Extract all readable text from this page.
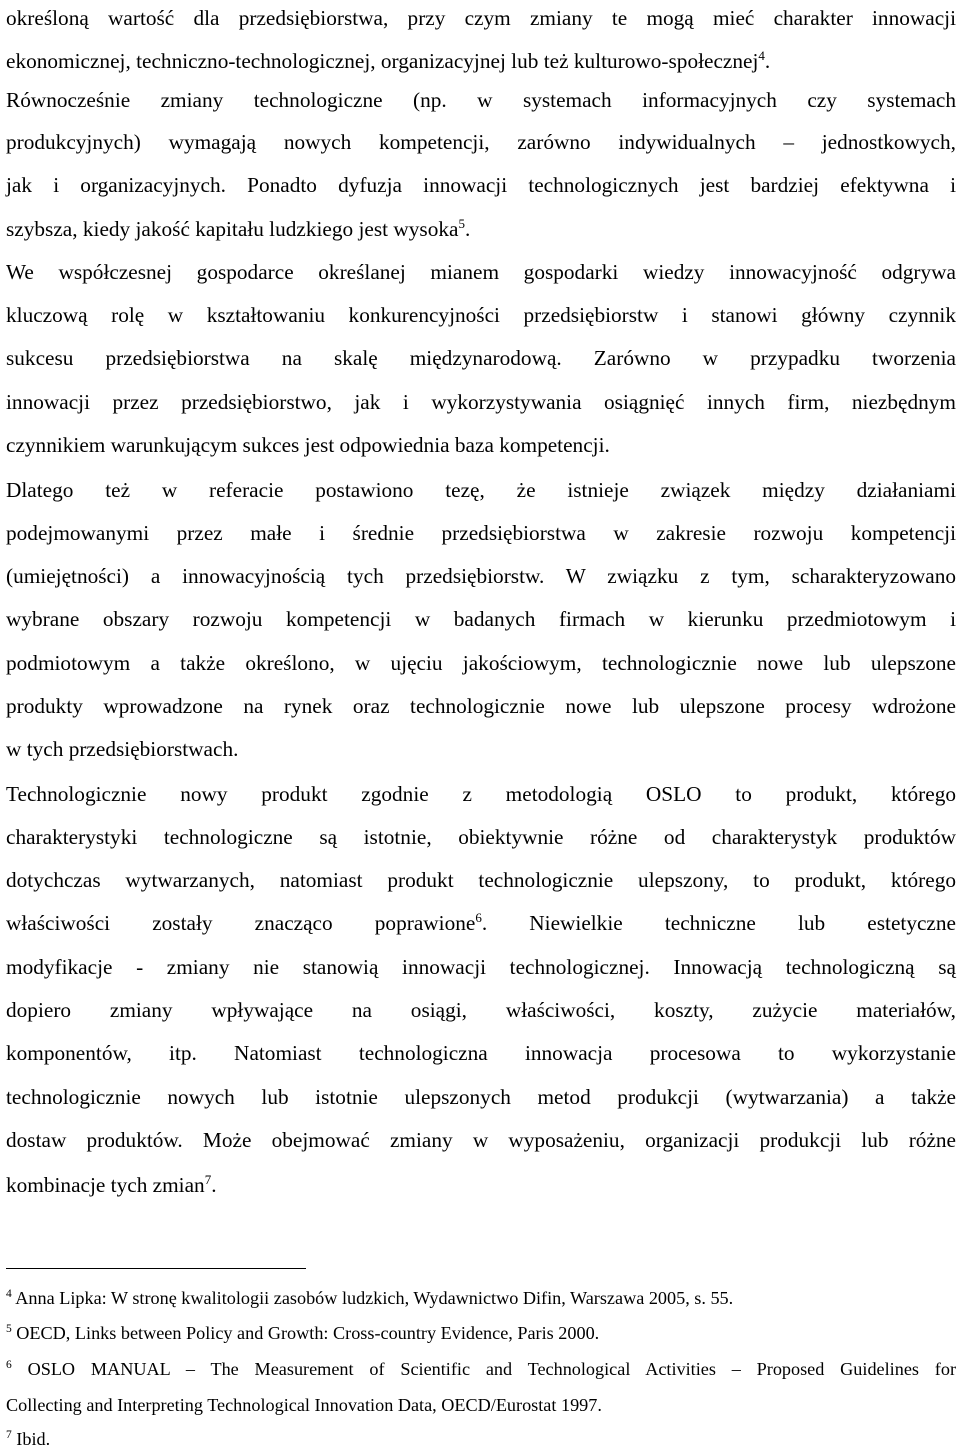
określoną wartość dla przedsiębiorstwa, przy czym zmiany te mogą mieć charakter innowacji
ekonomicznej, techniczno-technologicznej, organizacyjnej lub też kulturowo-społecznej$^4$.
Równocześnie zmiany technologiczne (np. w systemach informacyjnych czy systemach
produkcyjnych) wymagają nowych kompetencji, zarówno indywidualnych – jednostkowych,
jak i organizacyjnych. Ponadto dyfuzja innowacji technologicznych jest bardziej efektywna i
szybsza, kiedy jakość kapitału ludzkiego jest wysoka$^5$.
We współczesnej gospodarce określanej mianem gospodarki wiedzy innowacyjność odgrywa
kluczową rolę w kształtowaniu konkurencyjności przedsiębiorstw i stanowi główny czynnik
sukcesu przedsiębiorstwa na skalę międzynarodową. Zarówno w przypadku tworzenia
innowacji przez przedsiębiorstwo, jak i wykorzystywania osiągnięć innych firm, niezbędnym
czynnikiem warunkującym sukces jest odpowiednia baza kompetencji.
Dlatego też w referacie postawiono tezę, że istnieje związek między działaniami
podejmowanymi przez małe i średnie przedsiębiorstwa w zakresie rozwoju kompetencji
(umiejętności) a innowacyjnością tych przedsiębiorstw. W związku z tym, scharakteryzowano
wybrane obszary rozwoju kompetencji w badanych firmach w kierunku przedmiotowym i
podmiotowym a także określono, w ujęciu jakościowym, technologicznie nowe lub ulepszone
produkty wprowadzone na rynek oraz technologicznie nowe lub ulepszone procesy wdrożone
w tych przedsiębiorstwach.
Technologicznie nowy produkt zgodnie z metodologią OSLO to produkt, którego
charakterystyki technologiczne są istotnie, obiektywnie różne od charakterystyk produktów
dotychczas wytwarzanych, natomiast produkt technologicznie ulepszony, to produkt, którego
właściwości zostały znacząco poprawione$^6$. Niewielkie techniczne lub estetyczne
modyfikacje - zmiany nie stanowią innowacji technologicznej. Innowacją technologiczną są
dopiero zmiany wpływające na osiągi, właściwości, koszty, zużycie materiałów,
komponentów, itp. Natomiast technologiczna innowacja procesowa to wykorzystanie
technologicznie nowych lub istotnie ulepszonych metod produkcji (wytwarzania) a także
dostaw produktów. Może obejmować zmiany w wyposażeniu, organizacji produkcji lub różne
kombinacje tych zmian$^7$.
$^4$ Anna Lipka: W stronę kwalitologii zasobów ludzkich, Wydawnictwo Difin, Warszawa 2005, s. 55.
$^5$ OECD, Links between Policy and Growth: Cross-country Evidence, Paris 2000.
$^6$ OSLO MANUAL – The Measurement of Scientific and Technological Activities – Proposed Guidelines for
Collecting and Interpreting Technological Innovation Data, OECD/Eurostat 1997.
$^7$ Ibid.
